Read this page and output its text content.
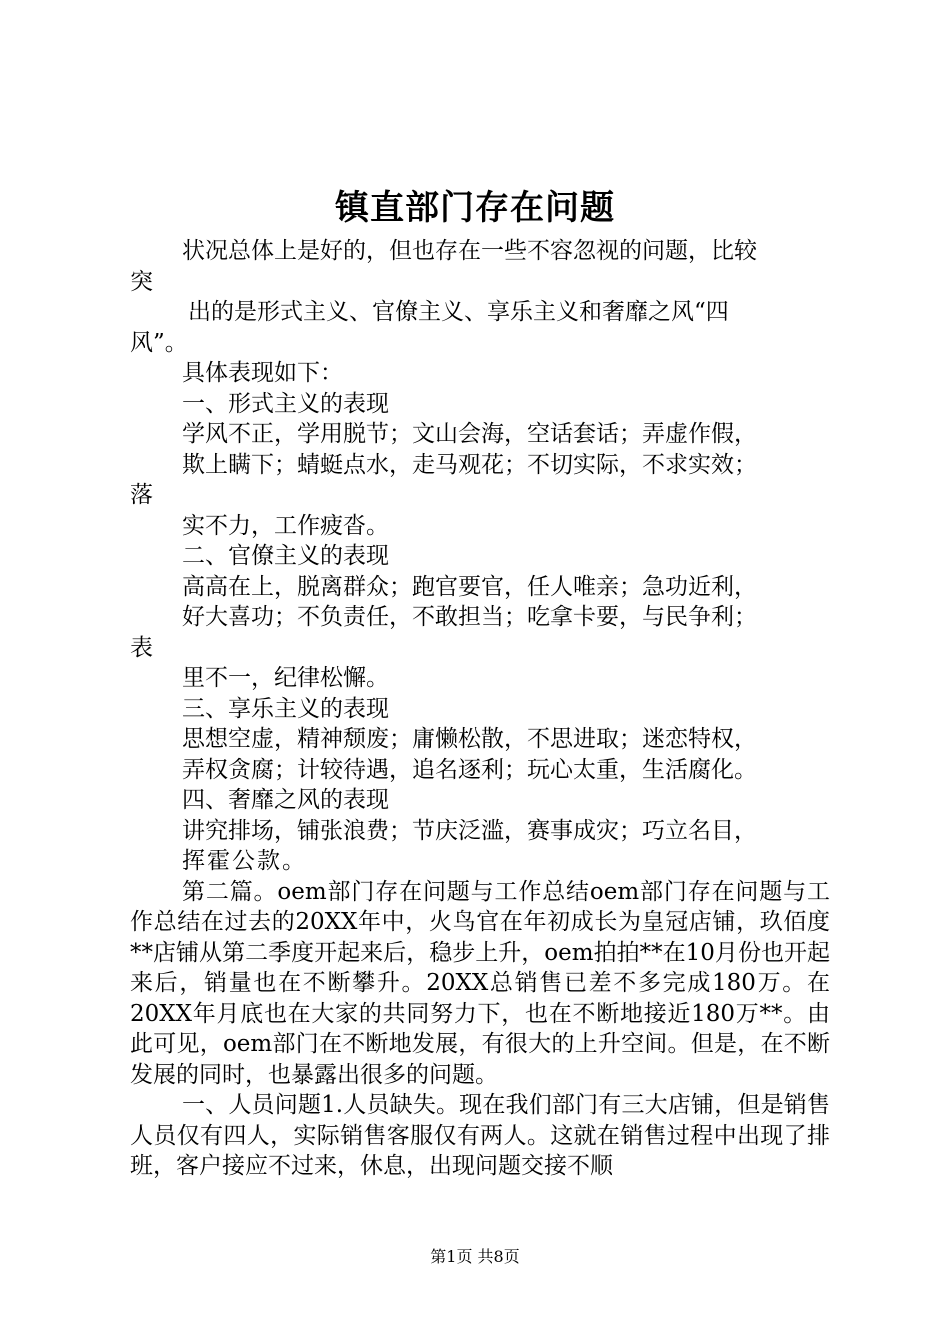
镇直部门存在问题
状况总体上是好的，但也存在一些不容忽视的问题，比较
突
出的是形式主义、官僚主义、享乐主义和奢靡之风“四
风”。
具体表现如下：
一、形式主义的表现
学风不正，学用脱节；文山会海，空话套话；弄虚作假，
欺上瞒下；蜻蜓点水，走马观花；不切实际，不求实效；
落
实不力，工作疲沓。
二、官僚主义的表现
高高在上，脱离群众；跑官要官，任人唯亲；急功近利，
好大喜功；不负责任，不敢担当；吃拿卡要，与民争利；
表
里不一，纪律松懈。
三、享乐主义的表现
思想空虚，精神颓废；庸懒松散，不思进取；迷恋特权，
弄权贪腐；计较待遇，追名逐利；玩心太重，生活腐化。
四、奢靡之风的表现
讲究排场，铺张浪费；节庆泛滥，赛事成灾；巧立名目，
挥霍公款。
第二篇。oem部门存在问题与工作总结oem部门存在问题与工作总结在过去的20XX年中，火鸟官在年初成长为皇冠店铺，玖佰度**店铺从第二季度开起来后，稳步上升，oem拍拍**在10月份也开起来后，销量也在不断攀升。20XX总销售已差不多完成180万。在20XX年月底也在大家的共同努力下，也在不断地接近180万**。由此可见，oem部门在不断地发展，有很大的上升空间。但是，在不断发展的同时，也暴露出很多的问题。
一、人员问题1.人员缺失。现在我们部门有三大店铺，但是销售人员仅有四人，实际销售客服仅有两人。这就在销售过程中出现了排班，客户接应不过来，休息，出现问题交接不顺
第1页 共8页
